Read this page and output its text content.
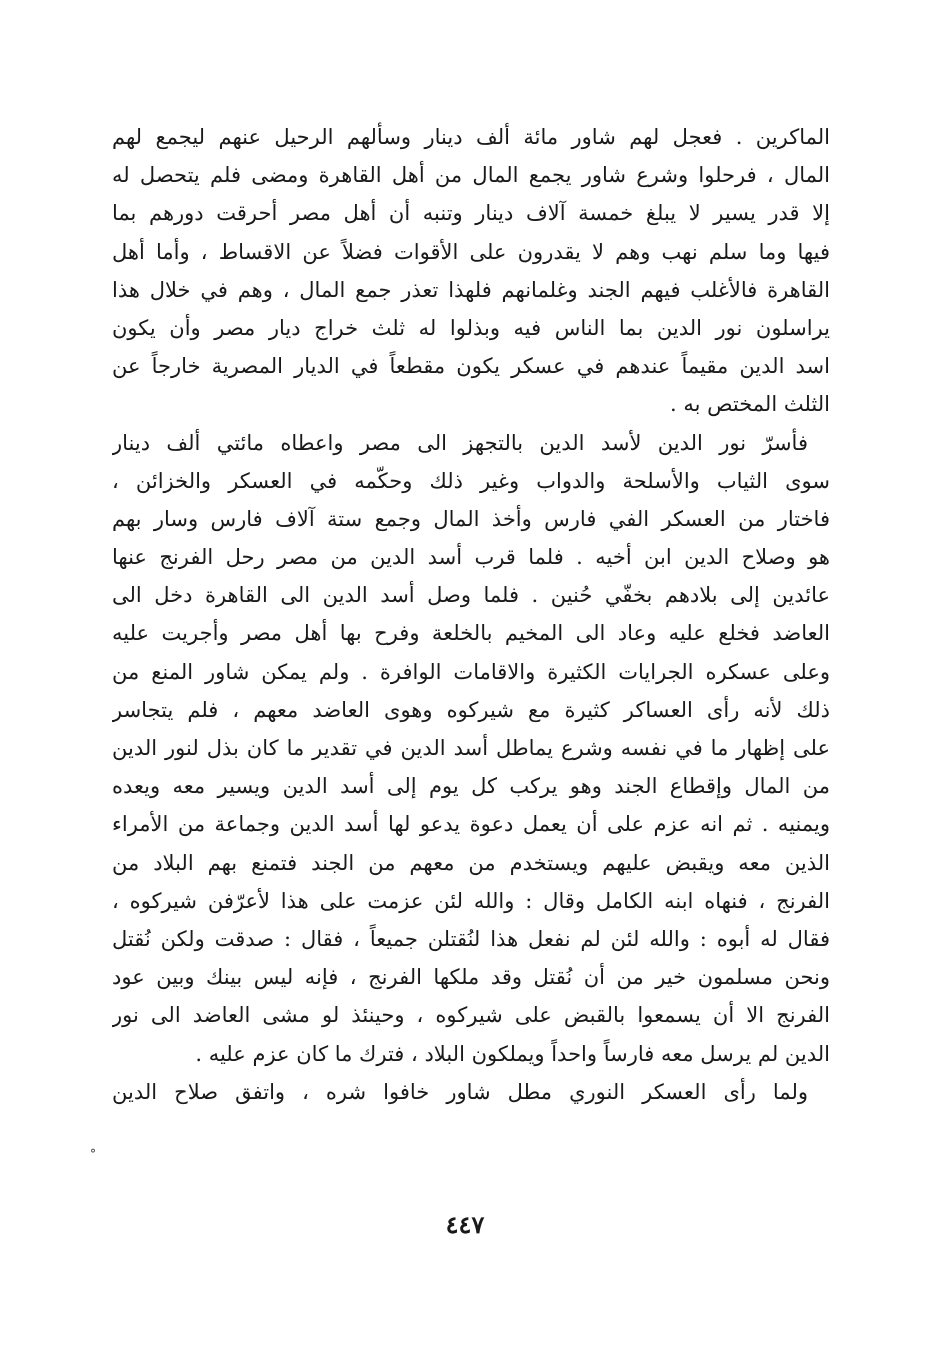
الماكرين . فعجل لهم شاور مائة ألف دينار وسألهم الرحيل عنهم ليجمع لهم
المال ، فرحلوا وشرع شاور يجمع المال من أهل القاهرة ومضى فلم يتحصل له
إلا قدر يسير لا يبلغ خمسة آلاف دينار وتنبه أن أهل مصر أحرقت دورهم بما
فيها وما سلم نهب وهم لا يقدرون على الأقوات فضلاً عن الاقساط ، وأما أهل
القاهرة فالأغلب فيهم الجند وغلمانهم فلهذا تعذر جمع المال ، وهم في خلال هذا
يراسلون نور الدين بما الناس فيه وبذلوا له ثلث خراج ديار مصر وأن يكون
اسد الدين مقيماً عندهم في عسكر يكون مقطعاً في الديار المصرية خارجاً عن
الثلث المختص به .
فأسرّ نور الدين لأسد الدين بالتجهز الى مصر واعطاه مائتي ألف دينار
سوى الثياب والأسلحة والدواب وغير ذلك وحكّمه في العسكر والخزائن ،
فاختار من العسكر الفي فارس وأخذ المال وجمع ستة آلاف فارس وسار بهم
هو وصلاح الدين ابن أخيه . فلما قرب أسد الدين من مصر رحل الفرنج عنها
عائدين إلى بلادهم بخفّي حُنين . فلما وصل أسد الدين الى القاهرة دخل الى
العاضد فخلع عليه وعاد الى المخيم بالخلعة وفرح بها أهل مصر وأجريت عليه
وعلى عسكره الجرايات الكثيرة والاقامات الوافرة . ولم يمكن شاور المنع من
ذلك لأنه رأى العساكر كثيرة مع شيركوه وهوى العاضد معهم ، فلم يتجاسر
على إظهار ما في نفسه وشرع يماطل أسد الدين في تقدير ما كان بذل لنور الدين
من المال وإقطاع الجند وهو يركب كل يوم إلى أسد الدين ويسير معه ويعده
ويمنيه . ثم انه عزم على أن يعمل دعوة يدعو لها أسد الدين وجماعة من الأمراء
الذين معه ويقبض عليهم ويستخدم من معهم من الجند فتمنع بهم البلاد من
الفرنج ، فنهاه ابنه الكامل وقال : والله لئن عزمت على هذا لأعرّفن شيركوه ،
فقال له أبوه : والله لئن لم نفعل هذا لنُقتلن جميعاً ، فقال : صدقت ولكن نُقتل
ونحن مسلمون خير من أن نُقتل وقد ملكها الفرنج ، فإنه ليس بينك وبين عود
الفرنج الا أن يسمعوا بالقبض على شيركوه ، وحينئذ لو مشى العاضد الى نور
الدين لم يرسل معه فارساً واحداً ويملكون البلاد ، فترك ما كان عزم عليه .
ولما رأى العسكر النوري مطل شاور خافوا شره ، واتفق صلاح الدين
°
٤٤٧
